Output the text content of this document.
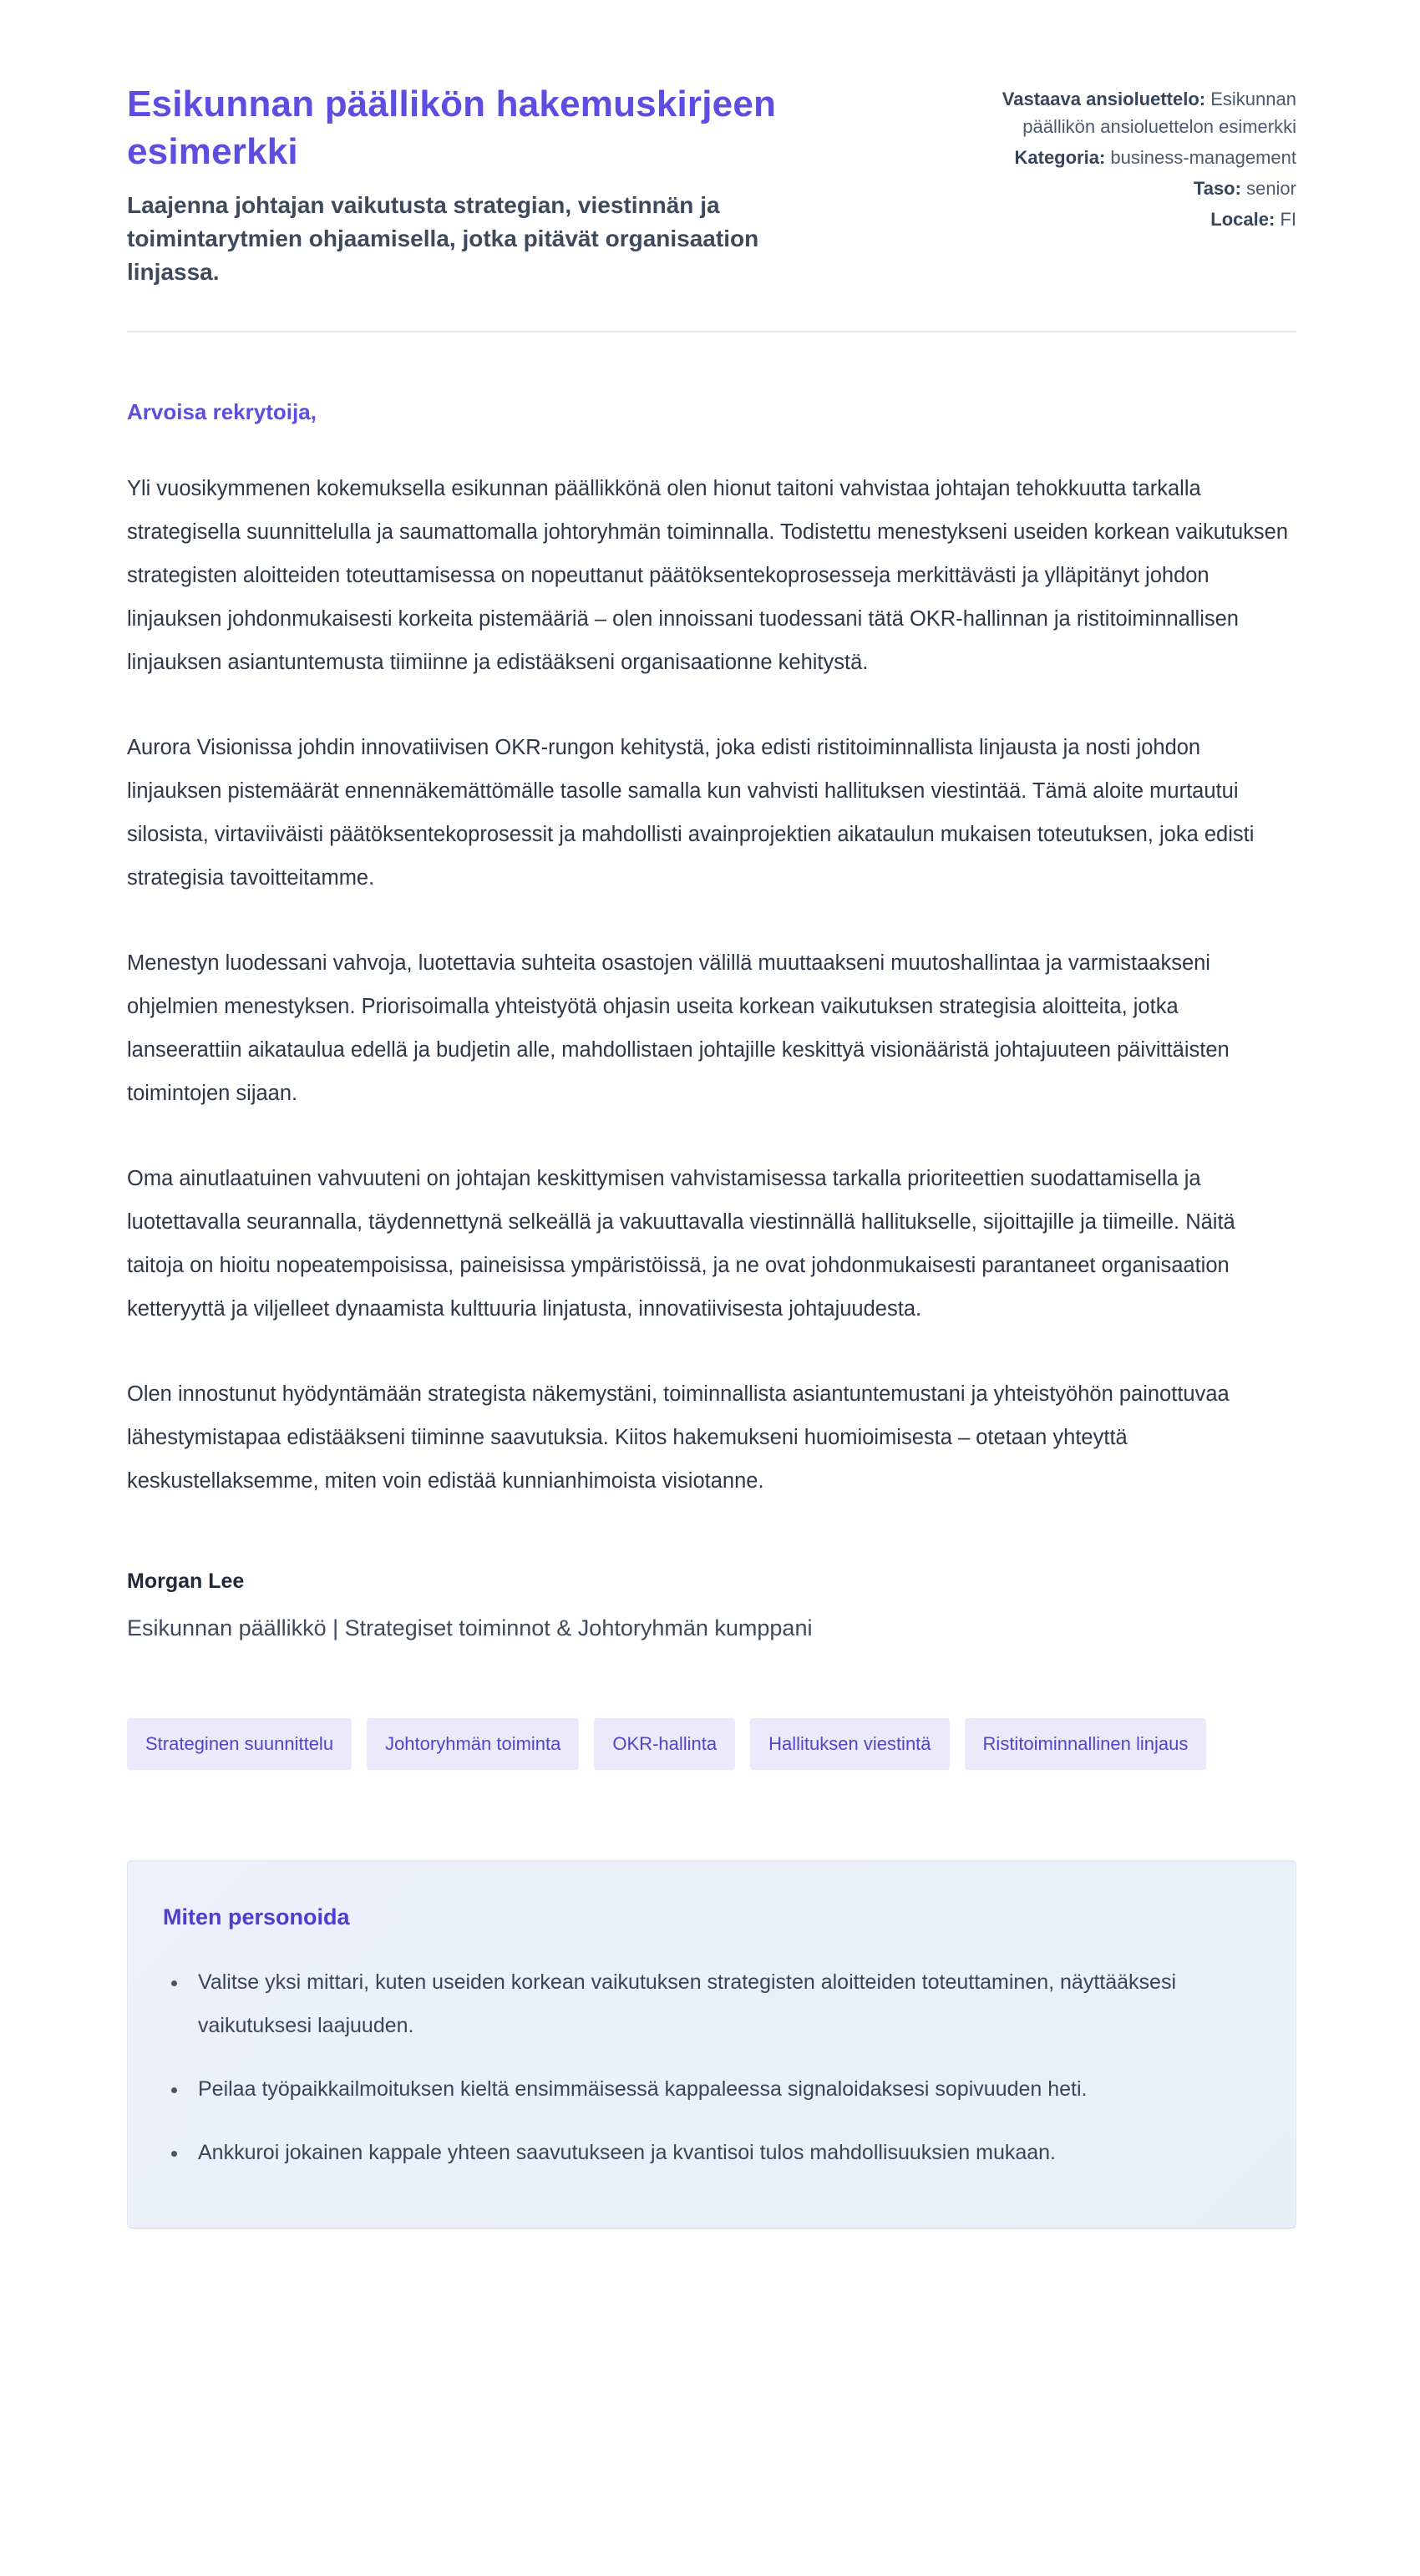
Esikunnan päällikön hakemuskirjeen esimerkki

Laajenna johtajan vaikutusta strategian, viestinnän ja toimintarytmien ohjaamisella, jotka pitävät organisaation linjassa.

Vastaava ansioluettelo: Esikunnan päällikön ansioluettelon esimerkki
Kategoria: business-management
Taso: senior
Locale: FI

Arvoisa rekrytoija,

Yli vuosikymmenen kokemuksella esikunnan päällikkönä olen hionut taitoni vahvistaa johtajan tehokkuutta tarkalla strategisella suunnittelulla ja saumattomalla johtoryhmän toiminnalla. Todistettu menestykseni useiden korkean vaikutuksen strategisten aloitteiden toteuttamisessa on nopeuttanut päätöksentekoprosesseja merkittävästi ja ylläpitänyt johdon linjauksen johdonmukaisesti korkeita pistemääriä – olen innoissani tuodessani tätä OKR-hallinnan ja ristitoiminnallisen linjauksen asiantuntemusta tiimiinne ja edistääkseni organisaationne kehitystä.

Aurora Visionissa johdin innovatiivisen OKR-rungon kehitystä, joka edisti ristitoiminnallista linjausta ja nosti johdon linjauksen pistemäärät ennennäkemättömälle tasolle samalla kun vahvisti hallituksen viestintää. Tämä aloite murtautui silosista, virtaviiväisti päätöksentekoprosessit ja mahdollisti avainprojektien aikataulun mukaisen toteutuksen, joka edisti strategisia tavoitteitamme.

Menestyn luodessani vahvoja, luotettavia suhteita osastojen välillä muuttaakseni muutoshallintaa ja varmistaakseni ohjelmien menestyksen. Priorisoimalla yhteistyötä ohjasin useita korkean vaikutuksen strategisia aloitteita, jotka lanseerattiin aikataulua edellä ja budjetin alle, mahdollistaen johtajille keskittyä visionääristä johtajuuteen päivittäisten toimintojen sijaan.

Oma ainutlaatuinen vahvuuteni on johtajan keskittymisen vahvistamisessa tarkalla prioriteettien suodattamisella ja luotettavalla seurannalla, täydennettynä selkeällä ja vakuuttavalla viestinnällä hallitukselle, sijoittajille ja tiimeille. Näitä taitoja on hioitu nopeatempoisissa, paineisissa ympäristöissä, ja ne ovat johdonmukaisesti parantaneet organisaation ketteryyttä ja viljelleet dynaamista kulttuuria linjatusta, innovatiivisesta johtajuudesta.

Olen innostunut hyödyntämään strategista näkemystäni, toiminnallista asiantuntemustani ja yhteistyöhön painottuvaa lähestymistapaa edistääkseni tiiminne saavutuksia. Kiitos hakemukseni huomioimisesta – otetaan yhteyttä keskustellaksemme, miten voin edistää kunnianhimoista visiotanne.

Morgan Lee

Esikunnan päällikkö | Strategiset toiminnot & Johtoryhmän kumppani

Strateginen suunnittelu	Johtoryhmän toiminta	OKR-hallinta	Hallituksen viestintä	Ristitoiminnallinen linjaus
Miten personoida
• Valitse yksi mittari, kuten useiden korkean vaikutuksen strategisten aloitteiden toteuttaminen, näyttääksesi vaikutuksesi laajuuden.
• Peilaa työpaikkailmoituksen kieltä ensimmäisessä kappaleessa signaloidaksesi sopivuuden heti.
• Ankkuroi jokainen kappale yhteen saavutukseen ja kvantisoi tulos mahdollisuuksien mukaan.
